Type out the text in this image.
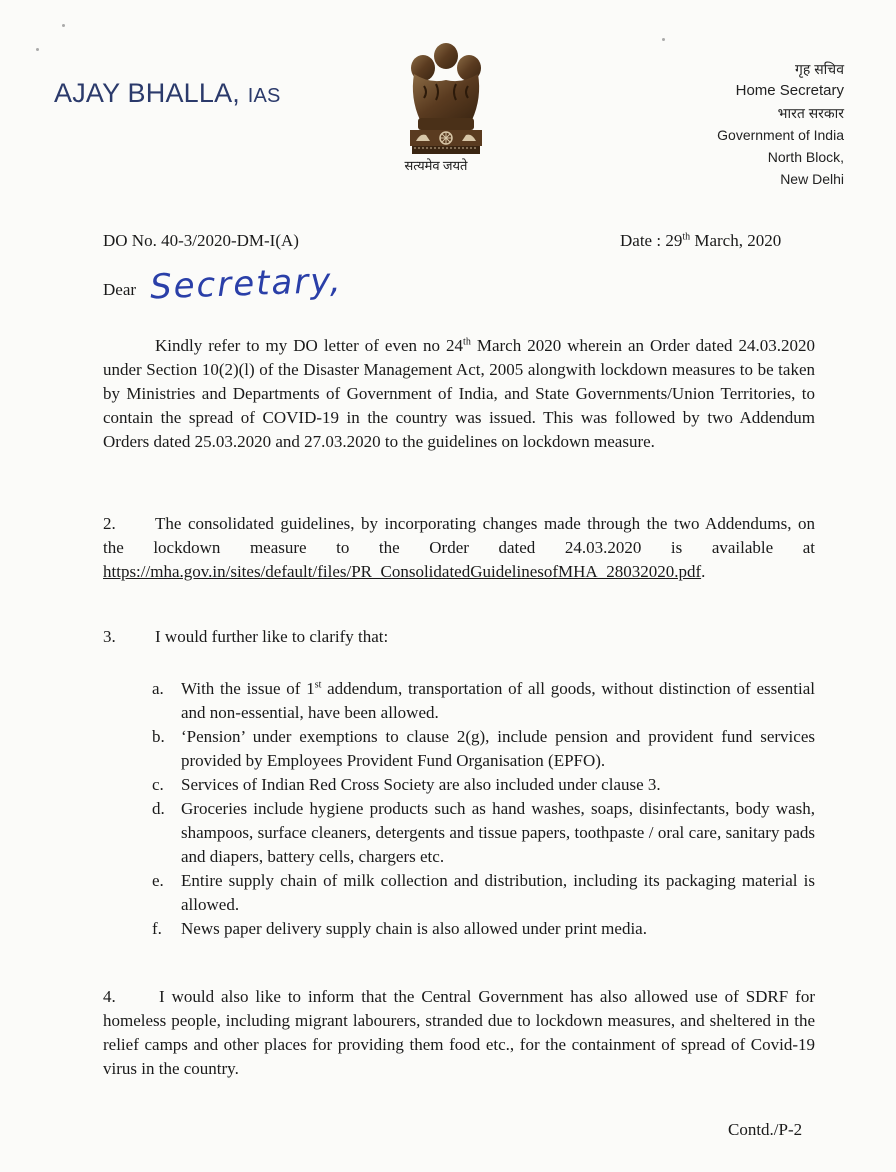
AJAY BHALLA, IAS
सत्यमेव जयते
गृह सचिव
Home Secretary
भारत सरकार
Government of India
North Block,
New Delhi
DO No. 40-3/2020-DM-I(A)	Date : 29th March, 2020
Dear Secretary,
Kindly refer to my DO letter of even no 24th March 2020 wherein an Order dated 24.03.2020 under Section 10(2)(l) of the Disaster Management Act, 2005 alongwith lockdown measures to be taken by Ministries and Departments of Government of India, and State Governments/Union Territories, to contain the spread of COVID-19 in the country was issued. This was followed by two Addendum Orders dated 25.03.2020 and 27.03.2020 to the guidelines on lockdown measure.
2. The consolidated guidelines, by incorporating changes made through the two Addendums, on the lockdown measure to the Order dated 24.03.2020 is available at https://mha.gov.in/sites/default/files/PR_ConsolidatedGuidelinesofMHA_28032020.pdf.
3. I would further like to clarify that:
a.	With the issue of 1st addendum, transportation of all goods, without distinction of essential and non-essential, have been allowed.
b. ‘Pension’ under exemptions to clause 2(g), include pension and provident fund services provided by Employees Provident Fund Organisation (EPFO).
c.	Services of Indian Red Cross Society are also included under clause 3.
d. Groceries include hygiene products such as hand washes, soaps, disinfectants, body wash, shampoos, surface cleaners, detergents and tissue papers, toothpaste / oral care, sanitary pads and diapers, battery cells, chargers etc.
e.	Entire supply chain of milk collection and distribution, including its packaging material is allowed.
f.	News paper delivery supply chain is also allowed under print media.
4.	I would also like to inform that the Central Government has also allowed use of SDRF for homeless people, including migrant labourers, stranded due to lockdown measures, and sheltered in the relief camps and other places for providing them food etc., for the containment of spread of Covid-19 virus in the country.
Contd./P-2
